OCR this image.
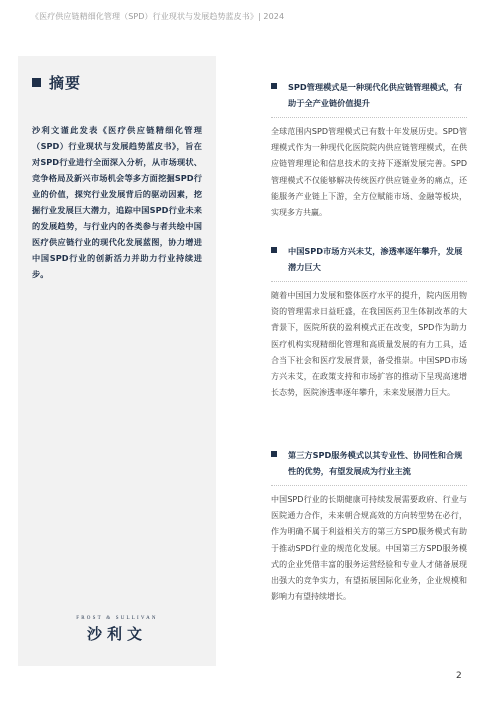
《医疗供应链精细化管理（SPD）行业现状与发展趋势蓝皮书》| 2024
摘要

沙利文谨此发表《医疗供应链精细化管理（SPD）行业现状与发展趋势蓝皮书》，旨在对SPD行业进行全面深入分析，从市场现状、竞争格局及新兴市场机会等多方面挖掘SPD行业的价值，探究行业发展背后的驱动因素，挖掘行业发展巨大潜力，追踪中国SPD行业未来的发展趋势，与行业内的各类参与者共绘中国医疗供应链行业的现代化发展蓝图，协力增进中国SPD行业的创新活力并助力行业持续进步。

FROST & SULLIVAN
沙利文

SPD管理模式是一种现代化供应链管理模式，有助于全产业链价值提升

全球范围内SPD管理模式已有数十年发展历史。SPD管理模式作为一种现代化医院院内供应链管理模式，在供应链管理理论和信息技术的支持下逐渐发展完善。SPD管理模式不仅能够解决传统医疗供应链业务的痛点，还能服务产业链上下游，全方位赋能市场、金融等板块，实现多方共赢。

中国SPD市场方兴未艾，渗透率逐年攀升，发展潜力巨大

随着中国国力发展和整体医疗水平的提升，院内医用物资的管理需求日益旺盛，在我国医药卫生体制改革的大背景下，医院所获的盈利模式正在改变，SPD作为助力医疗机构实现精细化管理和高质量发展的有力工具，适合当下社会和医疗发展背景，备受推崇。中国SPD市场方兴未艾，在政策支持和市场扩容的推动下呈现高速增长态势，医院渗透率逐年攀升，未来发展潜力巨大。

第三方SPD服务模式以其专业性、协同性和合规性的优势，有望发展成为行业主流

中国SPD行业的长期健康可持续发展需要政府、行业与医院通力合作，未来朝合规高效的方向转型势在必行，作为明确不属于利益相关方的第三方SPD服务模式有助于推动SPD行业的规范化发展。中国第三方SPD服务模式的企业凭借丰富的服务运营经验和专业人才储备展现出强大的竞争实力，有望拓展国际化业务，企业规模和影响力有望持续增长。

2
